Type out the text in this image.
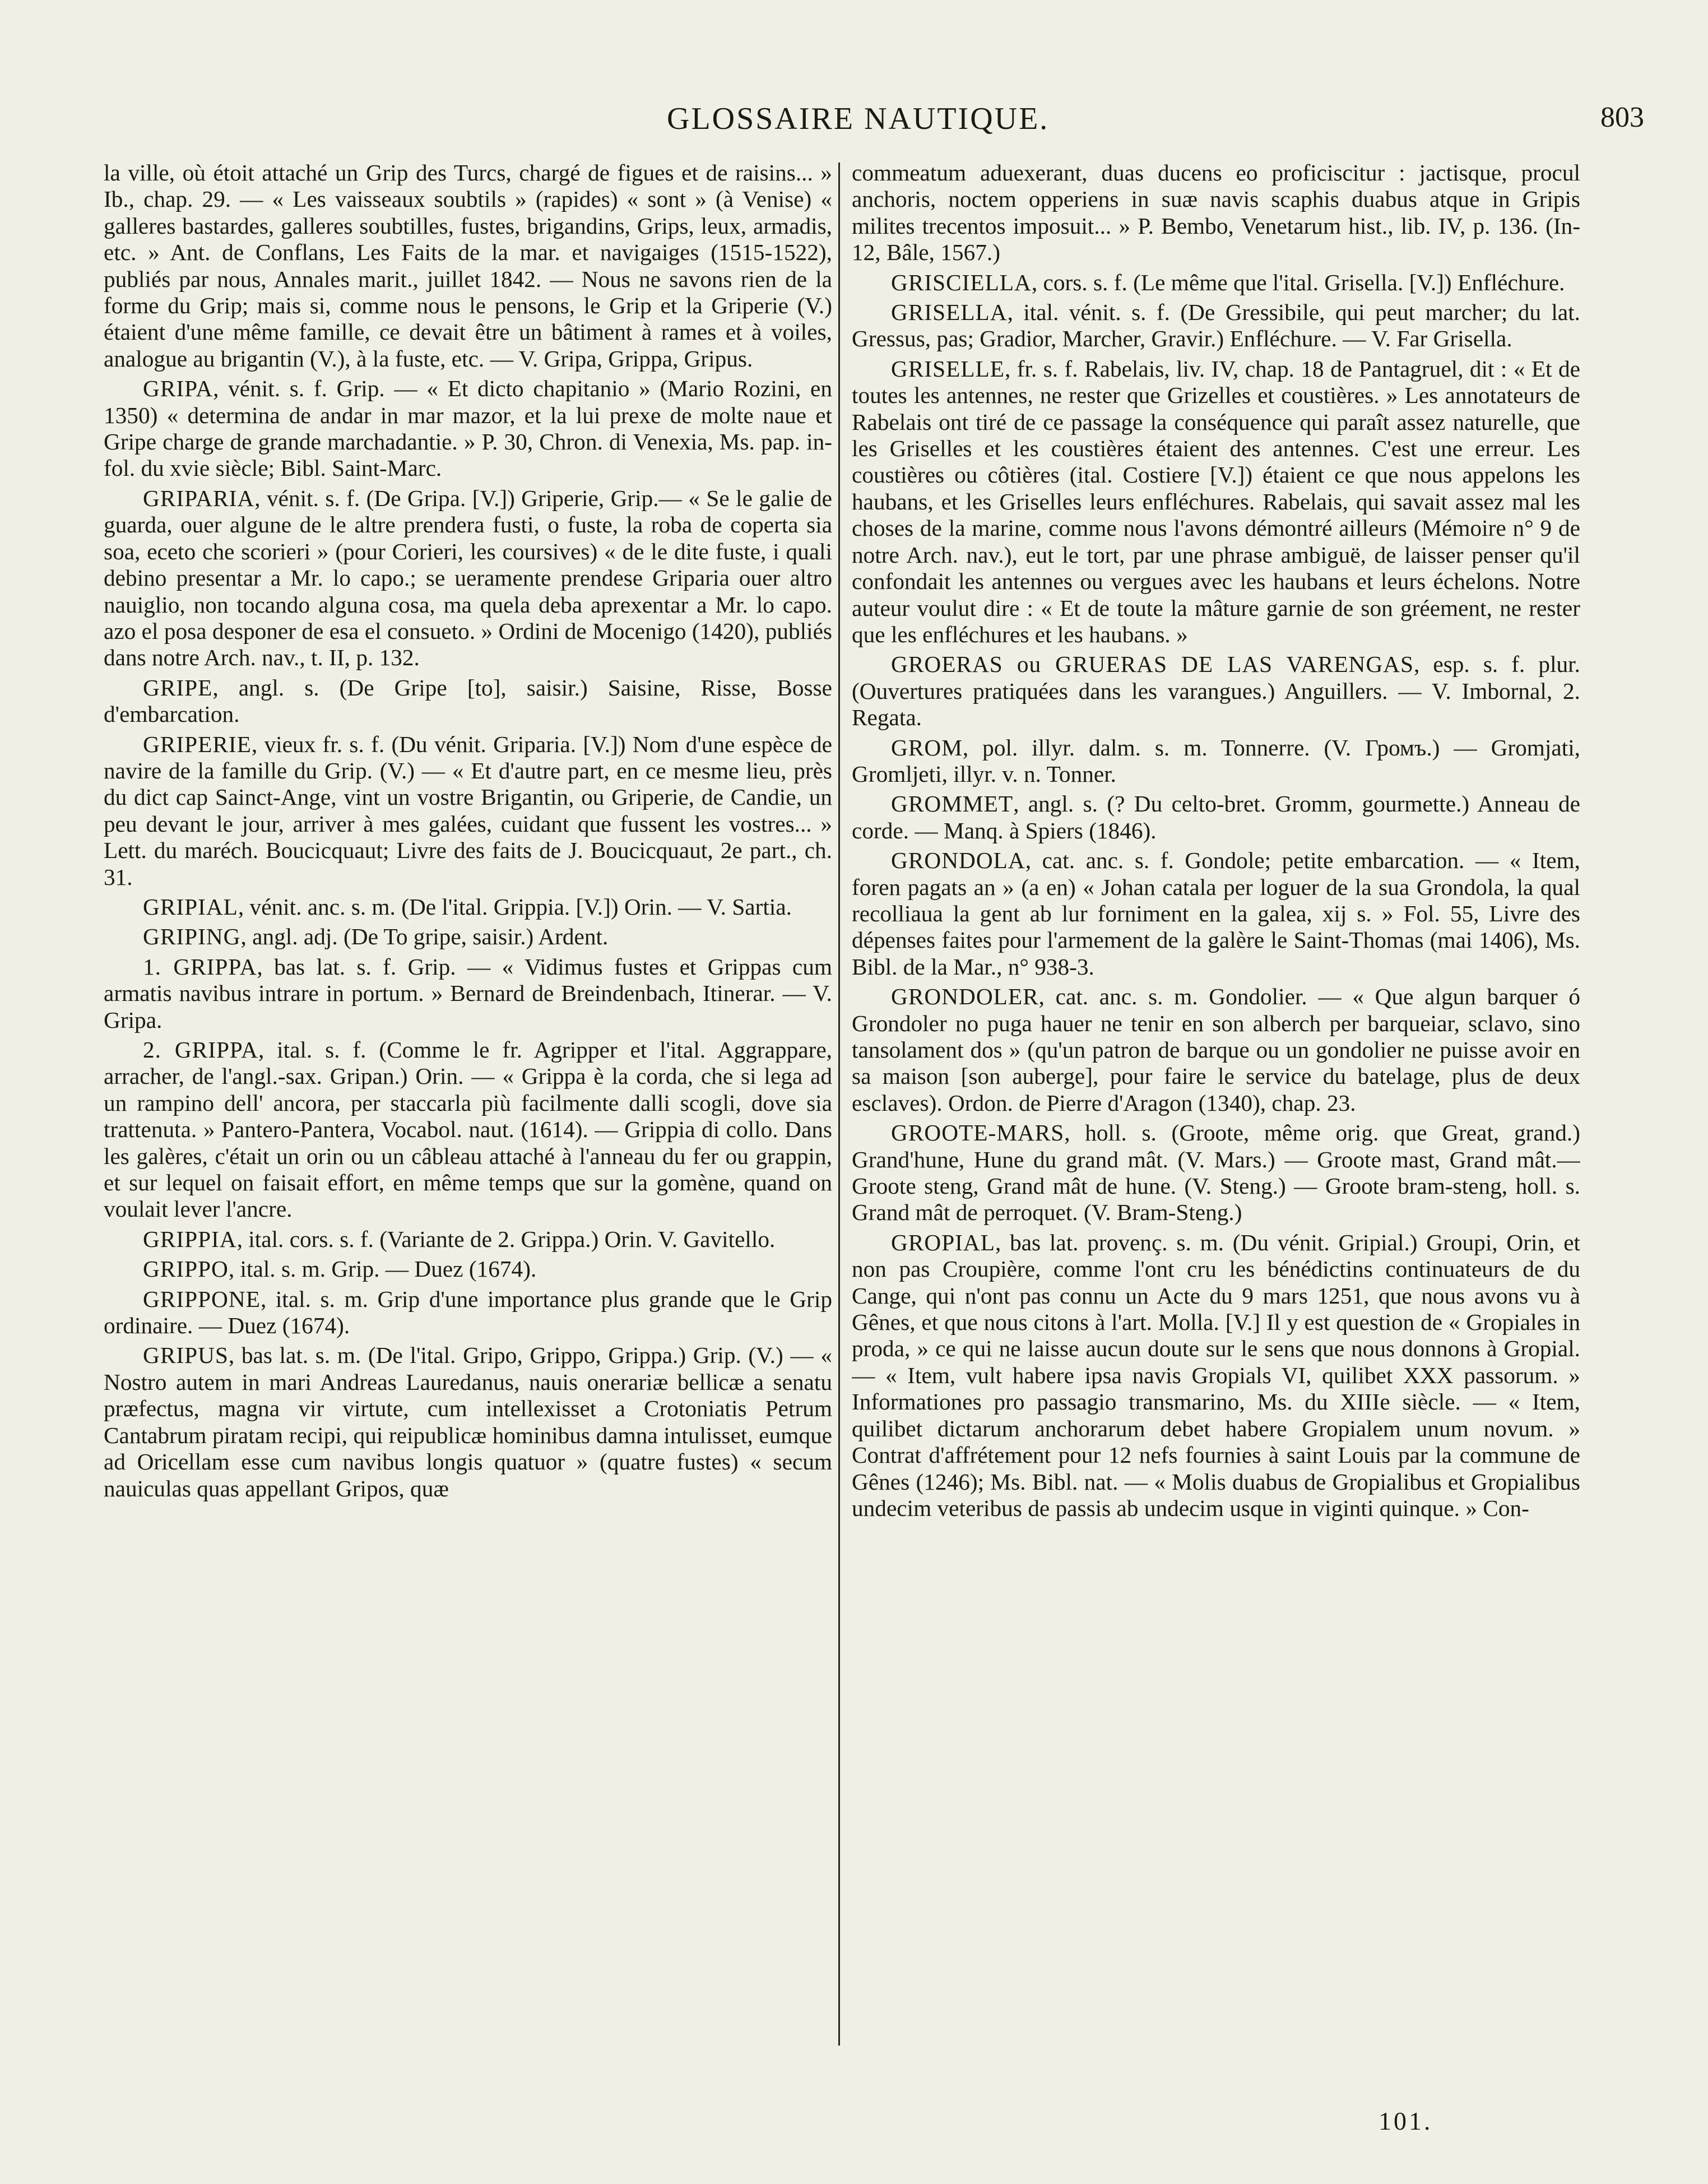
GLOSSAIRE NAUTIQUE.	803

la ville, où étoit attaché un Grip des Turcs, chargé de figues et de raisins... » Ib., chap. 29. — « Les vaisseaux soubtils » (rapides) « sont » (à Venise) « galleres bastardes, galleres soubtilles, fustes, brigandins, Grips, leux, armadis, etc. » Ant. de Conflans, Les Faits de la mar. et navigaiges (1515-1522), publiés par nous, Annales marit., juillet 1842. — Nous ne savons rien de la forme du Grip; mais si, comme nous le pensons, le Grip et la Griperie (V.) étaient d'une même famille, ce devait être un bâtiment à rames et à voiles, analogue au brigantin (V.), à la fuste, etc. — V. Gripa, Grippa, Gripus.

GRIPA, vénit. s. f. Grip. — « Et dicto chapitanio » (Mario Rozini, en 1350) « determina de andar in mar mazor, et la lui prexe de molte naue et Gripe charge de grande marchadantie. » P. 30, Chron. di Venexia, Ms. pap. in-fol. du xvie siècle; Bibl. Saint-Marc.

GRIPARIA, vénit. s. f. (De Gripa. [V.]) Griperie, Grip.— « Se le galie de guarda, ouer algune de le altre prendera fusti, o fuste, la roba de coperta sia soa, eceto che scorieri » (pour Corieri, les coursives) « de le dite fuste, i quali debino presentar a Mr. lo capo.; se ueramente prendese Griparia ouer altro nauiglio, non tocando alguna cosa, ma quela deba aprexentar a Mr. lo capo. azo el posa desponer de esa el consueto. » Ordini de Mocenigo (1420), publiés dans notre Arch. nav., t. II, p. 132.

GRIPE, angl. s. (De Gripe [to], saisir.) Saisine, Risse, Bosse d'embarcation.

GRIPERIE, vieux fr. s. f. (Du vénit. Griparia. [V.]) Nom d'une espèce de navire de la famille du Grip. (V.) — « Et d'autre part, en ce mesme lieu, près du dict cap Sainct-Ange, vint un vostre Brigantin, ou Griperie, de Candie, un peu devant le jour, arriver à mes galées, cuidant que fussent les vostres... » Lett. du maréch. Boucicquaut; Livre des faits de J. Boucicquaut, 2e part., ch. 31.

GRIPIAL, vénit. anc. s. m. (De l'ital. Grippia. [V.]) Orin. — V. Sartia.

GRIPING, angl. adj. (De To gripe, saisir.) Ardent.

1. GRIPPA, bas lat. s. f. Grip. — « Vidimus fustes et Grippas cum armatis navibus intrare in portum. » Bernard de Breindenbach, Itinerar. — V. Gripa.

2. GRIPPA, ital. s. f. (Comme le fr. Agripper et l'ital. Aggrappare, arracher, de l'angl.-sax. Gripan.) Orin. — « Grippa è la corda, che si lega ad un rampino dell' ancora, per staccarla più facilmente dalli scogli, dove sia trattenuta. » Pantero-Pantera, Vocabol. naut. (1614). — Grippia di collo. Dans les galères, c'était un orin ou un câbleau attaché à l'anneau du fer ou grappin, et sur lequel on faisait effort, en même temps que sur la gomène, quand on voulait lever l'ancre.

GRIPPIA, ital. cors. s. f. (Variante de 2. Grippa.) Orin. V. Gavitello.

GRIPPO, ital. s. m. Grip. — Duez (1674).

GRIPPONE, ital. s. m. Grip d'une importance plus grande que le Grip ordinaire. — Duez (1674).

GRIPUS, bas lat. s. m. (De l'ital. Gripo, Grippo, Grippa.) Grip. (V.) — « Nostro autem in mari Andreas Lauredanus, nauis onerariæ bellicæ a senatu præfectus, magna vir virtute, cum intellexisset a Crotoniatis Petrum Cantabrum piratam recipi, qui reipublicæ hominibus damna intulisset, eumque ad Oricellam esse cum navibus longis quatuor » (quatre fustes) « secum nauiculas quas appellant Gripos, quæ

commeatum aduexerant, duas ducens eo proficiscitur : jactisque, procul anchoris, noctem opperiens in suæ navis scaphis duabus atque in Gripis milites trecentos imposuit... » P. Bembo, Venetarum hist., lib. IV, p. 136. (In-12, Bâle, 1567.)

GRISCIELLA, cors. s. f. (Le même que l'ital. Grisella. [V.]) Enfléchure.

GRISELLA, ital. vénit. s. f. (De Gressibile, qui peut marcher; du lat. Gressus, pas; Gradior, Marcher, Gravir.) Enfléchure. — V. Far Grisella.

GRISELLE, fr. s. f. Rabelais, liv. IV, chap. 18 de Pantagruel, dit : « Et de toutes les antennes, ne rester que Grizelles et coustières. » Les annotateurs de Rabelais ont tiré de ce passage la conséquence qui paraît assez naturelle, que les Griselles et les coustières étaient des antennes. C'est une erreur. Les coustières ou côtières (ital. Costiere [V.]) étaient ce que nous appelons les haubans, et les Griselles leurs enfléchures. Rabelais, qui savait assez mal les choses de la marine, comme nous l'avons démontré ailleurs (Mémoire n° 9 de notre Arch. nav.), eut le tort, par une phrase ambiguë, de laisser penser qu'il confondait les antennes ou vergues avec les haubans et leurs échelons. Notre auteur voulut dire : « Et de toute la mâture garnie de son gréement, ne rester que les enfléchures et les haubans. »

GROERAS ou GRUERAS DE LAS VARENGAS, esp. s. f. plur. (Ouvertures pratiquées dans les varangues.) Anguillers. — V. Imbornal, 2. Regata.

GROM, pol. illyr. dalm. s. m. Tonnerre. (V. Громъ.) — Gromjati, Gromljeti, illyr. v. n. Tonner.

GROMMET, angl. s. (? Du celto-bret. Gromm, gourmette.) Anneau de corde. — Manq. à Spiers (1846).

GRONDOLA, cat. anc. s. f. Gondole; petite embarcation. — « Item, foren pagats an » (a en) « Johan catala per loguer de la sua Grondola, la qual recolliaua la gent ab lur forniment en la galea, xij s. » Fol. 55, Livre des dépenses faites pour l'armement de la galère le Saint-Thomas (mai 1406), Ms. Bibl. de la Mar., n° 938-3.

GRONDOLER, cat. anc. s. m. Gondolier. — « Que algun barquer ó Grondoler no puga hauer ne tenir en son alberch per barqueiar, sclavo, sino tansolament dos » (qu'un patron de barque ou un gondolier ne puisse avoir en sa maison [son auberge], pour faire le service du batelage, plus de deux esclaves). Ordon. de Pierre d'Aragon (1340), chap. 23.

GROOTE-MARS, holl. s. (Groote, même orig. que Great, grand.) Grand'hune, Hune du grand mât. (V. Mars.) — Groote mast, Grand mât.—Groote steng, Grand mât de hune. (V. Steng.) — Groote bram-steng, holl. s. Grand mât de perroquet. (V. Bram-Steng.)

GROPIAL, bas lat. provenç. s. m. (Du vénit. Gripial.) Groupi, Orin, et non pas Croupière, comme l'ont cru les bénédictins continuateurs de du Cange, qui n'ont pas connu un Acte du 9 mars 1251, que nous avons vu à Gênes, et que nous citons à l'art. Molla. [V.] Il y est question de « Gropiales in proda, » ce qui ne laisse aucun doute sur le sens que nous donnons à Gropial. — « Item, vult habere ipsa navis Gropials VI, quilibet XXX passorum. » Informationes pro passagio transmarino, Ms. du XIIIe siècle. — « Item, quilibet dictarum anchorarum debet habere Gropialem unum novum. » Contrat d'affrétement pour 12 nefs fournies à saint Louis par la commune de Gênes (1246); Ms. Bibl. nat. — « Molis duabus de Gropialibus et Gropialibus undecim veteribus de passis ab undecim usque in viginti quinque. » Con-

101.
